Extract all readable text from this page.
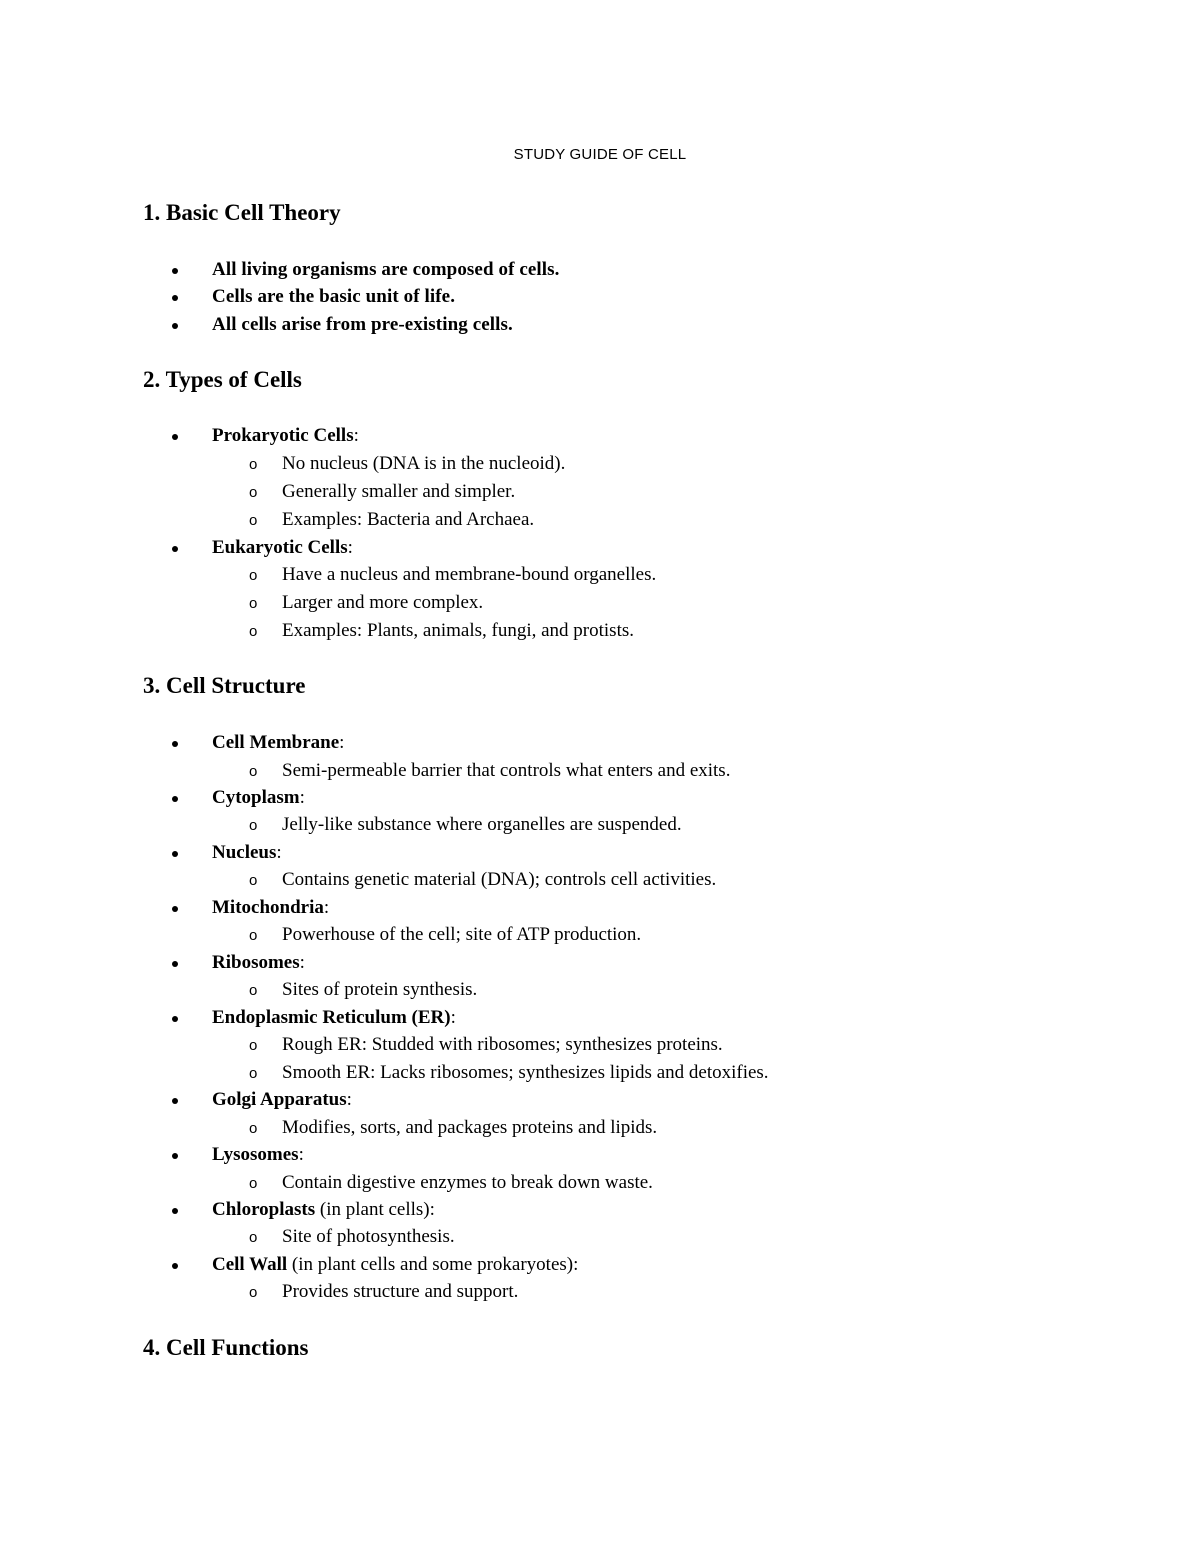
STUDY GUIDE OF CELL
1. Basic Cell Theory
All living organisms are composed of cells.
Cells are the basic unit of life.
All cells arise from pre-existing cells.
2. Types of Cells
Prokaryotic Cells:
o No nucleus (DNA is in the nucleoid).
o Generally smaller and simpler.
o Examples: Bacteria and Archaea.
Eukaryotic Cells:
o Have a nucleus and membrane-bound organelles.
o Larger and more complex.
o Examples: Plants, animals, fungi, and protists.
3. Cell Structure
Cell Membrane:
o Semi-permeable barrier that controls what enters and exits.
Cytoplasm:
o Jelly-like substance where organelles are suspended.
Nucleus:
o Contains genetic material (DNA); controls cell activities.
Mitochondria:
o Powerhouse of the cell; site of ATP production.
Ribosomes:
o Sites of protein synthesis.
Endoplasmic Reticulum (ER):
o Rough ER: Studded with ribosomes; synthesizes proteins.
o Smooth ER: Lacks ribosomes; synthesizes lipids and detoxifies.
Golgi Apparatus:
o Modifies, sorts, and packages proteins and lipids.
Lysosomes:
o Contain digestive enzymes to break down waste.
Chloroplasts (in plant cells):
o Site of photosynthesis.
Cell Wall (in plant cells and some prokaryotes):
o Provides structure and support.
4. Cell Functions
